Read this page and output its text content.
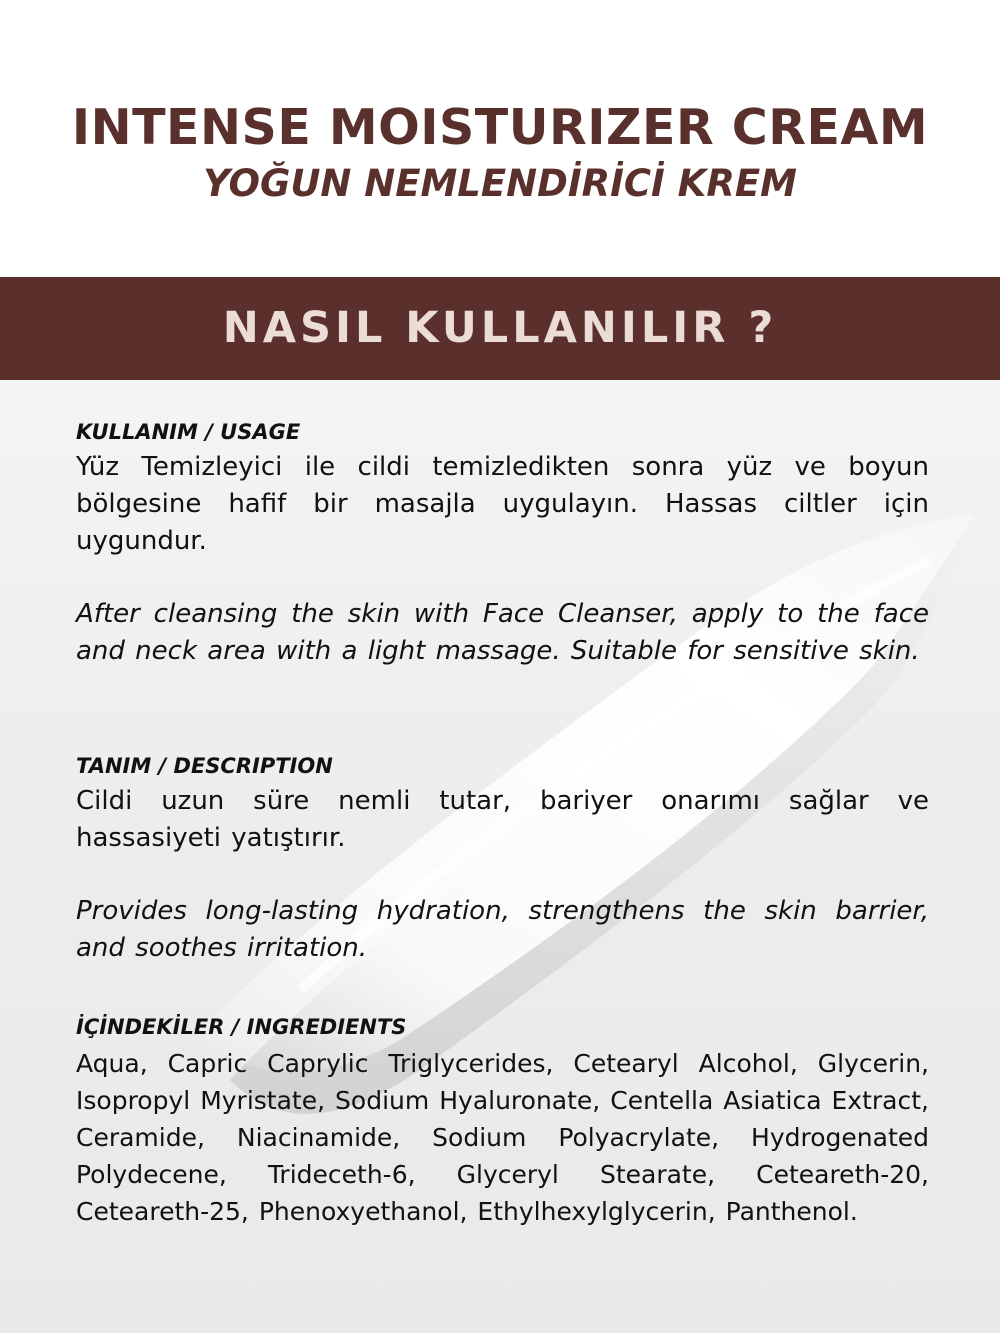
INTENSE MOISTURIZER CREAM
YOĞUN NEMLENDİRİCİ KREM
NASIL KULLANILIR ?
KULLANIM / USAGE

Yüz Temizleyici ile cildi temizledikten sonra yüz ve boyun bölgesine hafif bir masajla uygulayın. Hassas ciltler için uygundur.

After cleansing the skin with Face Cleanser, apply to the face and neck area with a light massage. Suitable for sensitive skin.

TANIM / DESCRIPTION

Cildi uzun süre nemli tutar, bariyer onarımı sağlar ve hassasiyeti yatıştırır.

Provides long-lasting hydration, strengthens the skin barrier, and soothes irritation.

İÇİNDEKİLER / INGREDIENTS

Aqua, Capric Caprylic Triglycerides, Cetearyl Alcohol, Glycerin, Isopropyl Myristate, Sodium Hyaluronate, Centella Asiatica Extract, Ceramide, Niacinamide, Sodium Polyacrylate, Hydrogenated Polydecene, Trideceth-6, Glyceryl Stearate, Ceteareth-20, Ceteareth-25, Phenoxyethanol, Ethylhexylglycerin, Panthenol.
